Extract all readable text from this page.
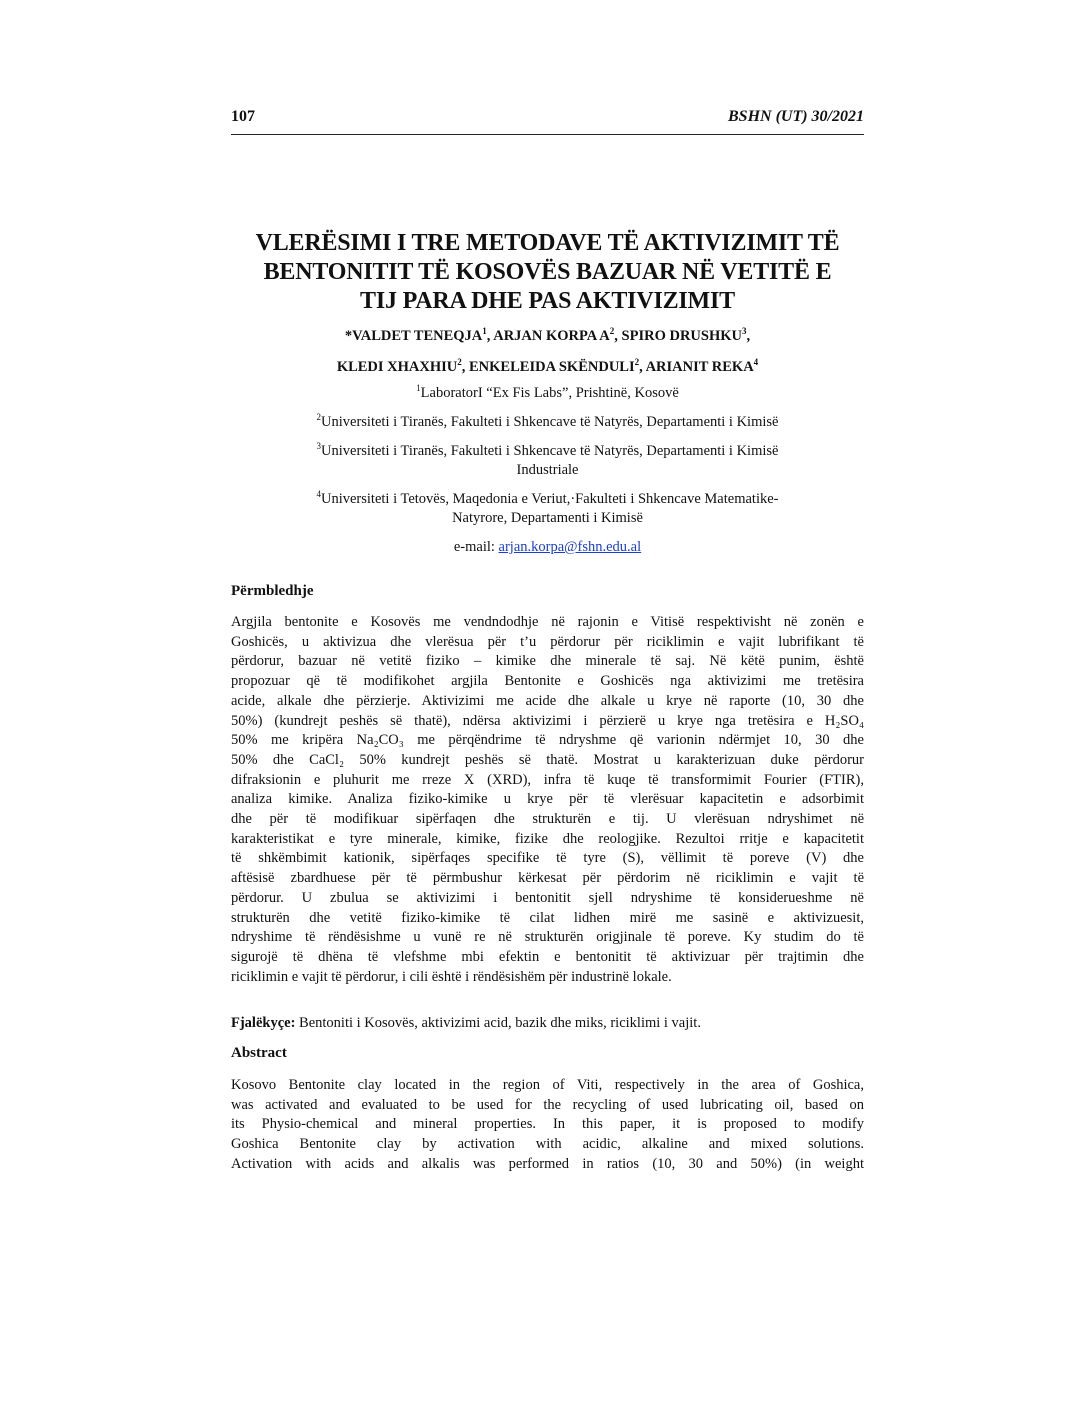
107	BSHN (UT) 30/2021
VLERËSIMI I TRE METODAVE TË AKTIVIZIMIT TË
BENTONITIT TË KOSOVËS BAZUAR NË VETITË E
TIJ PARA DHE PAS AKTIVIZIMIT
*VALDET TENEQJA$^1$, ARJAN KORPA $A^2$, SPIRO DRUSHKU$^3$,
KLEDI XHAXHIU$^2$, ENKELEIDA SKËNDULI$^2$, ARIANIT REKA$^4$

$^1$LaboratorI “Ex Fis Labs”, Prishtinë, Kosovë

$^2$Universiteti i Tiranës, Fakulteti i Shkencave të Natyrës, Departamenti i Kimisë

$^3$Universiteti i Tiranës, Fakulteti i Shkencave të Natyrës, Departamenti i Kimisë
Industriale

$^4$Universiteti i Tetovës, Maqedonia e Veriut,·Fakulteti i Shkencave Matematike-
Natyrore, Departamenti i Kimisë

e-mail: arjan.korpa@fshn.edu.al

Përmbledhje

Argjila bentonite e Kosovës me vendndodhje në rajonin e Vitisë respektivisht në zonën e
Goshicës, u aktivizua dhe vlerësua për t’u përdorur për riciklimin e vajit lubrifikant të
përdorur, bazuar në vetitë fiziko – kimike dhe minerale të saj. Në këtë punim, është
propozuar që të modifikohet argjila Bentonite e Goshicës nga aktivizimi me tretësira
acide, alkale dhe përzierje. Aktivizimi me acide dhe alkale u krye në raporte (10, 30 dhe
50%) (kundrejt peshës së thatë), ndërsa aktivizimi i përzierë u krye nga tretësira e H₂SO₄
50% me kripëra Na₂CO₃ me përqëndrime të ndryshme që varionin ndërmjet 10, 30 dhe
50% dhe CaCl₂ 50% kundrejt peshës së thatë. Mostrat u karakterizuan duke përdorur
difraksionin e pluhurit me rreze X (XRD), infra të kuqe të transformimit Fourier (FTIR),
analiza kimike. Analiza fiziko-kimike u krye për të vlerësuar kapacitetin e adsorbimit
dhe për të modifikuar sipërfaqen dhe strukturën e tij. U vlerësuan ndryshimet në
karakteristikat e tyre minerale, kimike, fizike dhe reologjike. Rezultoi rritje e kapacitetit
të shkëmbimit kationik, sipërfaqes specifike të tyre (S), vëllimit të poreve (V) dhe
aftësisë zbardhuese për të përmbushur kërkesat për përdorim në riciklimin e vajit të
përdorur. U zbulua se aktivizimi i bentonitit sjell ndryshime të konsiderueshme në
strukturën dhe vetitë fiziko-kimike të cilat lidhen mirë me sasinë e aktivizuesit,
ndryshime të rëndësishme u vunë re në strukturën origjinale të poreve. Ky studim do të
sigurojë të dhëna të vlefshme mbi efektin e bentonitit të aktivizuar për trajtimin dhe
riciklimin e vajit të përdorur, i cili është i rëndësishëm për industrinë lokale.

Fjalëkyçe: Bentoniti i Kosovës, aktivizimi acid, bazik dhe miks, riciklimi i vajit.
Abstract

Kosovo Bentonite clay located in the region of Viti, respectively in the area of Goshica,
was activated and evaluated to be used for the recycling of used lubricating oil, based on
its Physio-chemical and mineral properties. In this paper, it is proposed to modify
Goshica Bentonite clay by activation with acidic, alkaline and mixed solutions.
Activation with acids and alkalis was performed in ratios (10, 30 and 50%) (in weight
